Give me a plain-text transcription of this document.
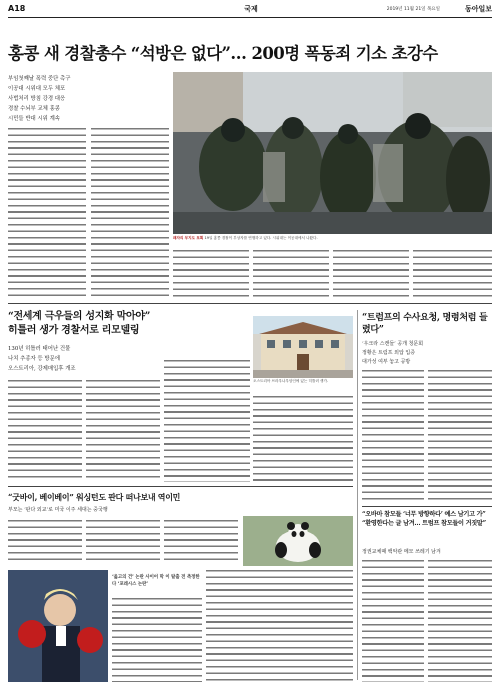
A18	국제	2019년 11월 21일 목요일	동아일보
홍콩 새 경찰총수 “석방은 없다”… 200명 폭동죄 기소 초강수
부임첫째날 폭력 중단 촉구
이공대 시위대 모두 체포
사법처리 방침 강경 대응
경찰 수뇌부 교체 홍콩
시민들 반대 시위 계속
패자리 부지도 포획 19일 홍콩 경찰이 부상자를 연행하고 있다. 시위대는 이공대에서 나왔다.
“전세계 극우들의 성지화 막아야”
히틀러 생가 경찰서로 리모델링
130년 히틀러 태어난 건물
나치 추종자 등 방문에
오스트리아, 강제매입후 개조
오스트리아 브라우나우암인에 있는 히틀러 생가.
“굿바이, 베이베이” 워싱턴도 판다 떠나보내 역이민
부모는 ‘판다 외교’로 미국 이주 세대는 중국행
‘옳고의 건’ 논란 사이어 막 이 탈출 전 측정한다 ‘포레시스 논란’
“트럼프의 수사요청, 명령처럼 들렸다”
‘우크라 스캔들’ 공개 청문회
정황은 트럼프 외압 입증
대가성 여부 놓고 공방
“오바마 참모들 ‘너무 방향하다’ 예스 남기고 가”
“환영한다는 글 남겨… 트럼프 참모들이 거짓말”
정권교체때 백악관 메모 쓰레기 남겨
